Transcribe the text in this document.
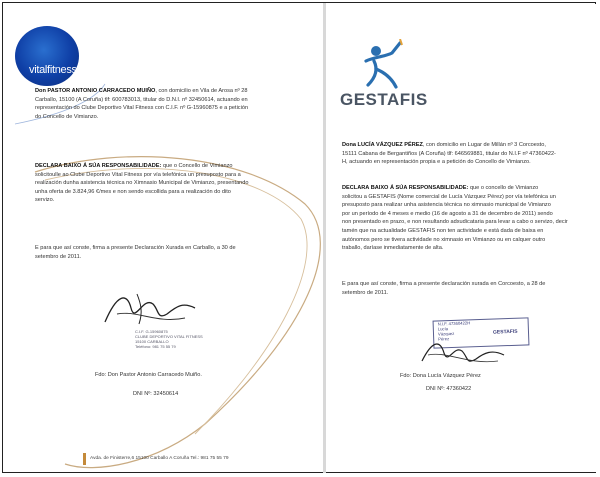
vitalfitness

Don PASTOR ANTONIO CARRACEDO MUIÑO, con domicilio en Vila de Arosa nº 28
Carballo, 15100 (A Coruña) tlf: 600783013, titular do D.N.I. nº 32450614, actuando en
representación do Clube Deportivo Vital Fitness con C.I.F. nº G-15960875 e a petición
do Concello de Vimianzo.

DECLARA BAIXO Á SÚA RESPONSABILIDADE: que o Concello de Vimianzo
solicitoulle ao Clube Deportivo Vital Fitness por vía telefónica un presuposto para a
realización dunha asistencia técnica no Ximnasio Municipal de Vimianzo, presentando
unha oferta de 3.824,96 €/mes e non sendo escollida para a realización do dito
servizo.

E para que así conste, firma a presente Declaración Xurada en Carballo, a 30 de
setembro de 2011.

C.I.F. G-15960875
CLUBE DEPORTIVO VITAL FITNESS
15100 CARBALLO
Teléfono: 981 75 55 79

Fdo: Don Pastor Antonio Carracedo Muiño.

DNI Nº: 32450614

Avda. de Finisterre,6 15100 Carballo A Coruña Tel.: 981 75 55 79

GESTAFIS

Dona LUCÍA VÁZQUEZ PÉREZ, con domicilio en Lugar de Millán nº 3 Corcoesto,
15111 Cabana de Bergantiños (A Coruña) tlf: 646569881, titular do N.I.F nº 47360422-
H, actuando en representación propia e a petición do Concello de Vimianzo.

DECLARA BAIXO Á SÚA RESPONSABILIDADE: que o concello de Vimianzo
solicitou a GESTAFIS (Nome comercial de Lucía Vázquez Pérez) por vía telefónica un
presuposto para realizar unha asistencia técnica no ximnasio municipal de Vimianzo
por un período de 4 meses e medio (16 de agosto a 31 de decembro de 2011) sendo
non presentado en prazo, e non resultando adxudicataria para levar a cabo o servizo, decir
tamén que na actualidade GESTAFIS non ten actividade e está dada de baixa en
autónomos pero se tivera actividade no ximnasio en Vimianzo ou en calquer outro
traballo, daríase inmediatamente de alta.

E para que así conste, firma a presente declaración xurada en Corcoesto, a 28 de
setembro de 2011.

N.I.F. 47360422H
Lucía
Vázquez
Pérez
GESTAFIS

Fdo: Dona Lucía Vázquez Pérez

DNI Nº: 47360422
